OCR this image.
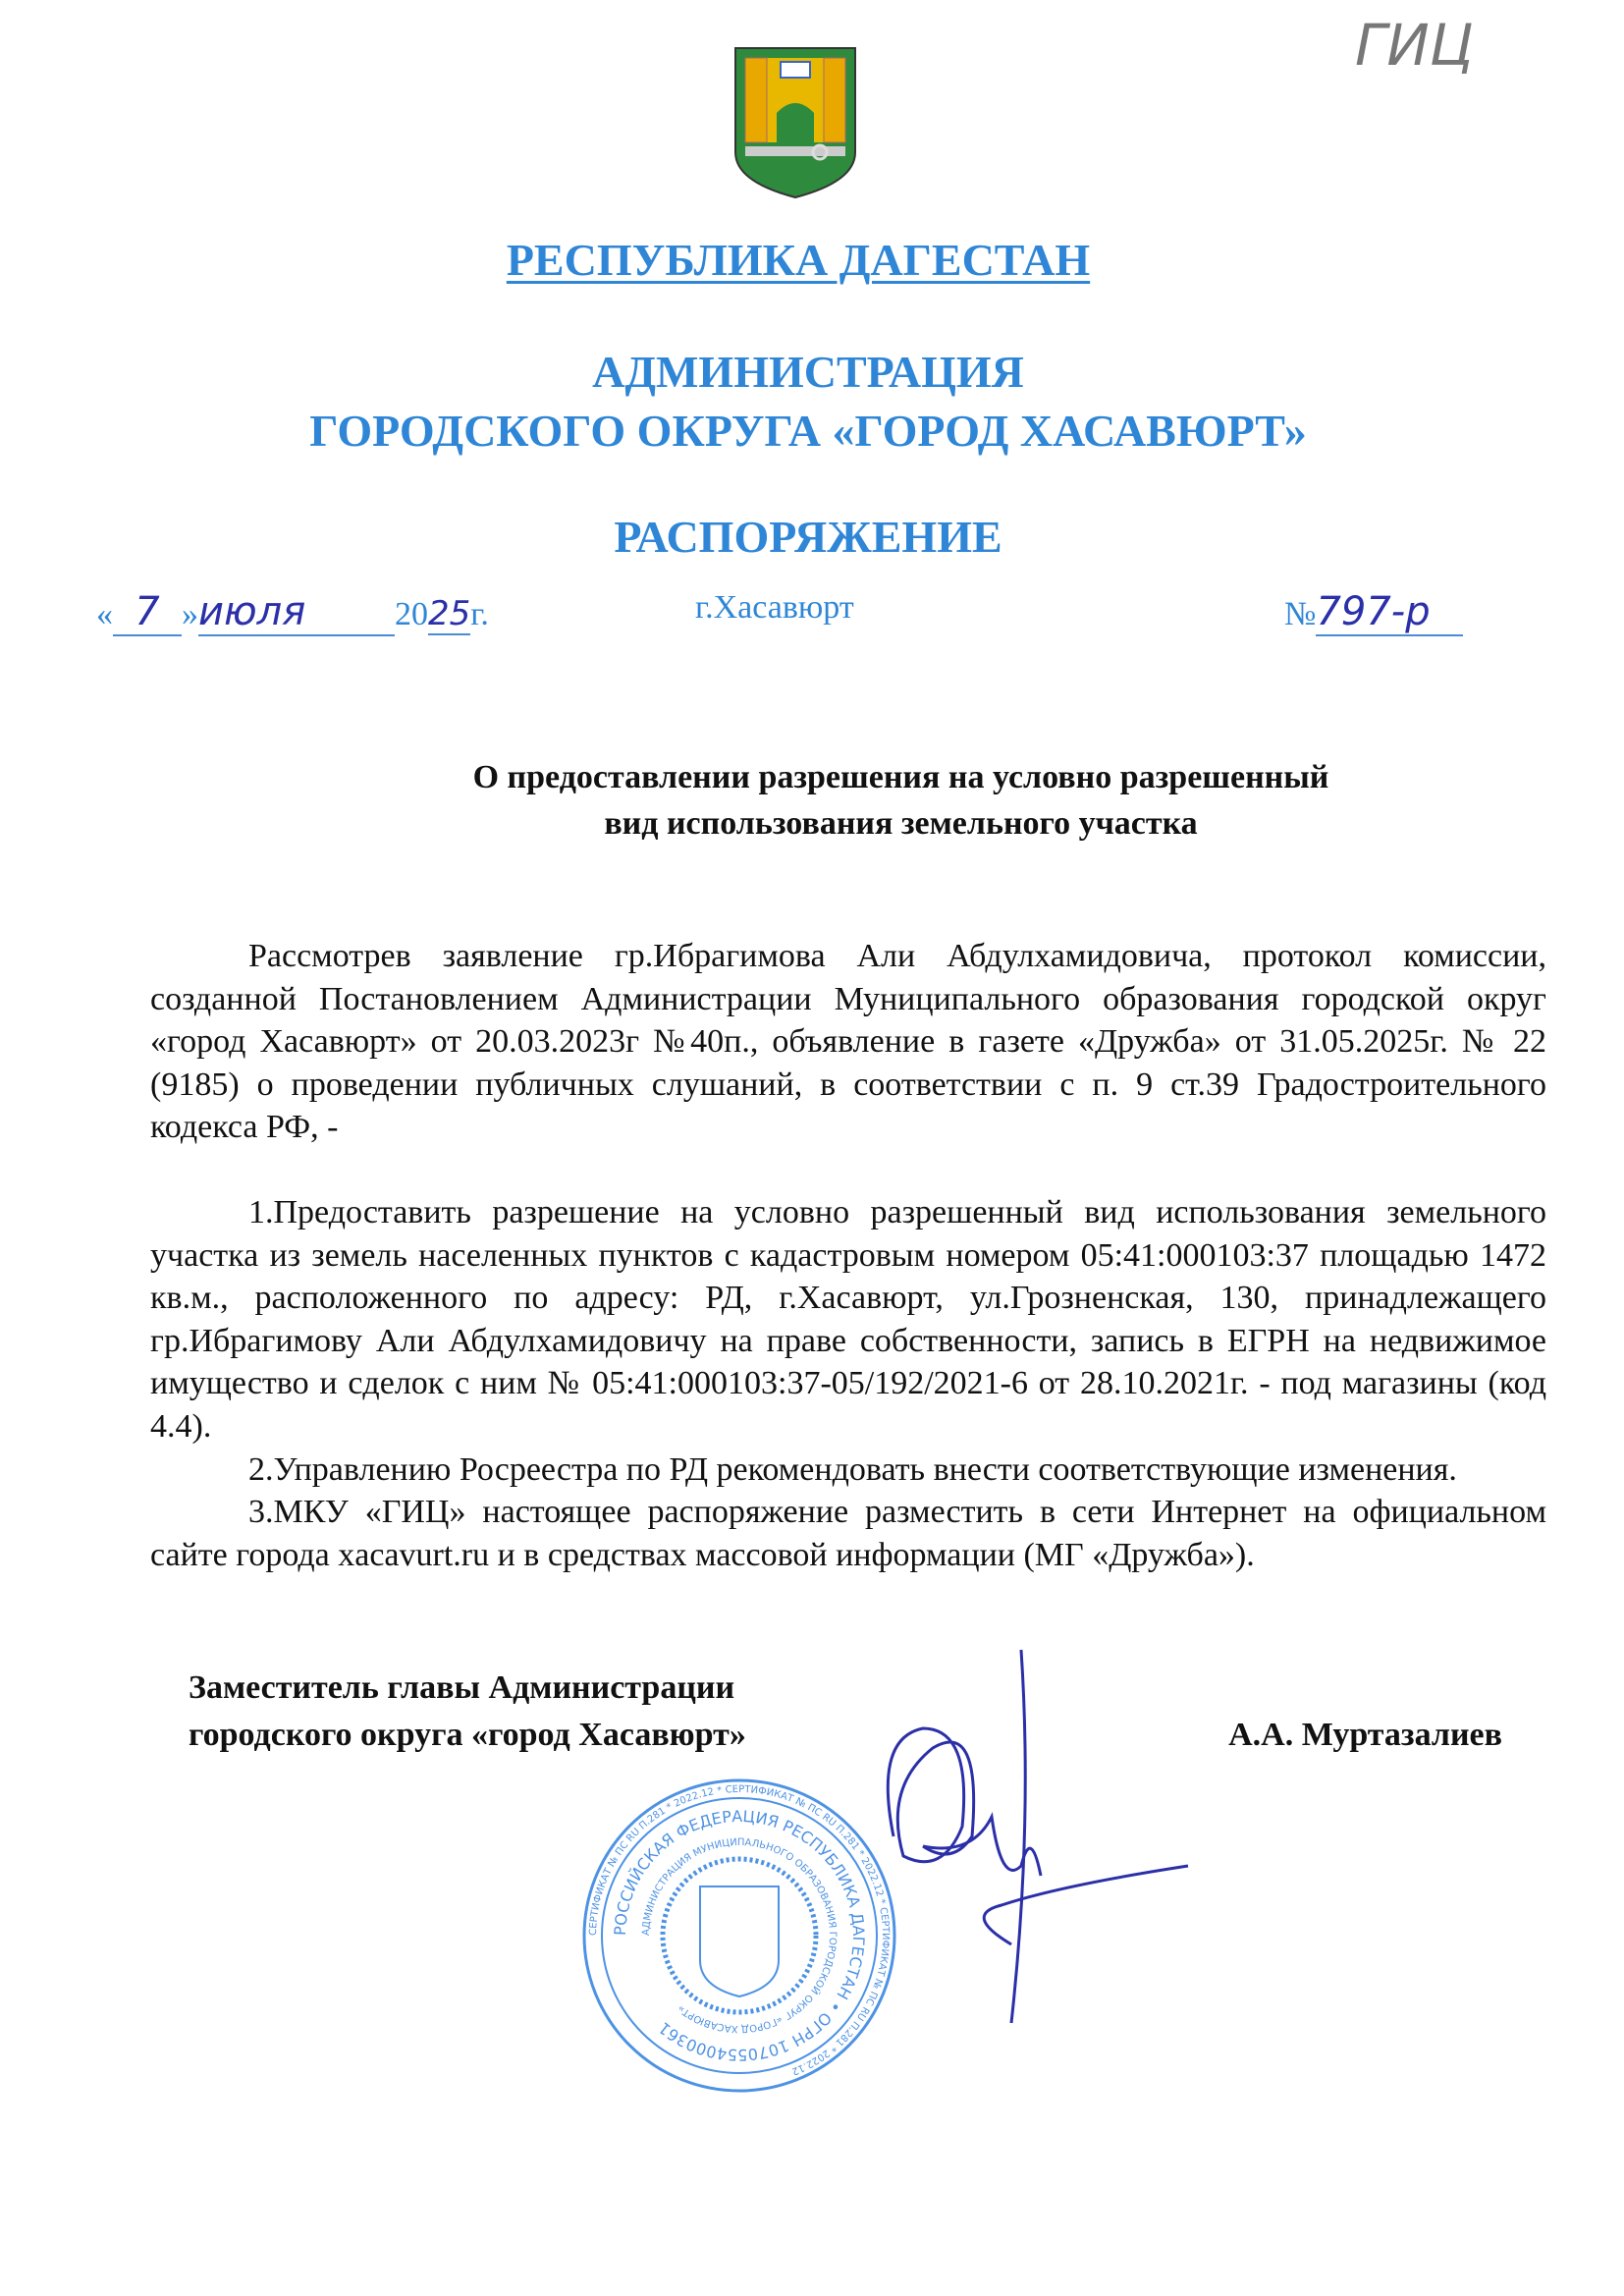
ГИЦ
РЕСПУБЛИКА ДАГЕСТАН
АДМИНИСТРАЦИЯ
ГОРОДСКОГО ОКРУГА «ГОРОД ХАСАВЮРТ»
РАСПОРЯЖЕНИЕ
« 7 »июля	2025г.	г.Хасавюрт	№797-р
О предоставлении разрешения на условно разрешенный
вид использования земельного участка

Рассмотрев заявление гр.Ибрагимова Али Абдулхамидовича, протокол комиссии, созданной Постановлением Администрации Муниципального образования городской округ «город Хасавюрт» от 20.03.2023г №40п., объявление в газете «Дружба» от 31.05.2025г. № 22 (9185) о проведении публичных слушаний, в соответствии с п. 9 ст.39 Градостроительного кодекса РФ, -

1.Предоставить разрешение на условно разрешенный вид использования земельного участка из земель населенных пунктов с кадастровым номером 05:41:000103:37 площадью 1472 кв.м., расположенного по адресу: РД, г.Хасавюрт, ул.Грозненская, 130, принадлежащего гр.Ибрагимову Али Абдулхамидовичу на праве собственности, запись в ЕГРН на недвижимое имущество и сделок с ним № 05:41:000103:37-05/192/2021-6 от 28.10.2021г. - под магазины (код 4.4).

2.Управлению Росреестра по РД рекомендовать внести соответствующие изменения.

3.МКУ «ГИЦ» настоящее распоряжение разместить в сети Интернет на официальном сайте города xacavurt.ru и в средствах массовой информации (МГ «Дружба»).

Заместитель главы Администрации
городского округа «город Хасавюрт»	А.А. Муртазалиев
СЕРТИФИКАТ № ПС RU П.281 * 2022.12 * СЕРТИФИКАТ № ПС RU П.281 * 2022.12 * СЕРТИФИКАТ № ПС RU П.281 * 2022.12
РОССИЙСКАЯ ФЕДЕРАЦИЯ РЕСПУБЛИКА ДАГЕСТАН • ОГРН 1070554000361
АДМИНИСТРАЦИЯ МУНИЦИПАЛЬНОГО ОБРАЗОВАНИЯ ГОРОДСКОЙ ОКРУГ «ГОРОД ХАСАВЮРТ»
